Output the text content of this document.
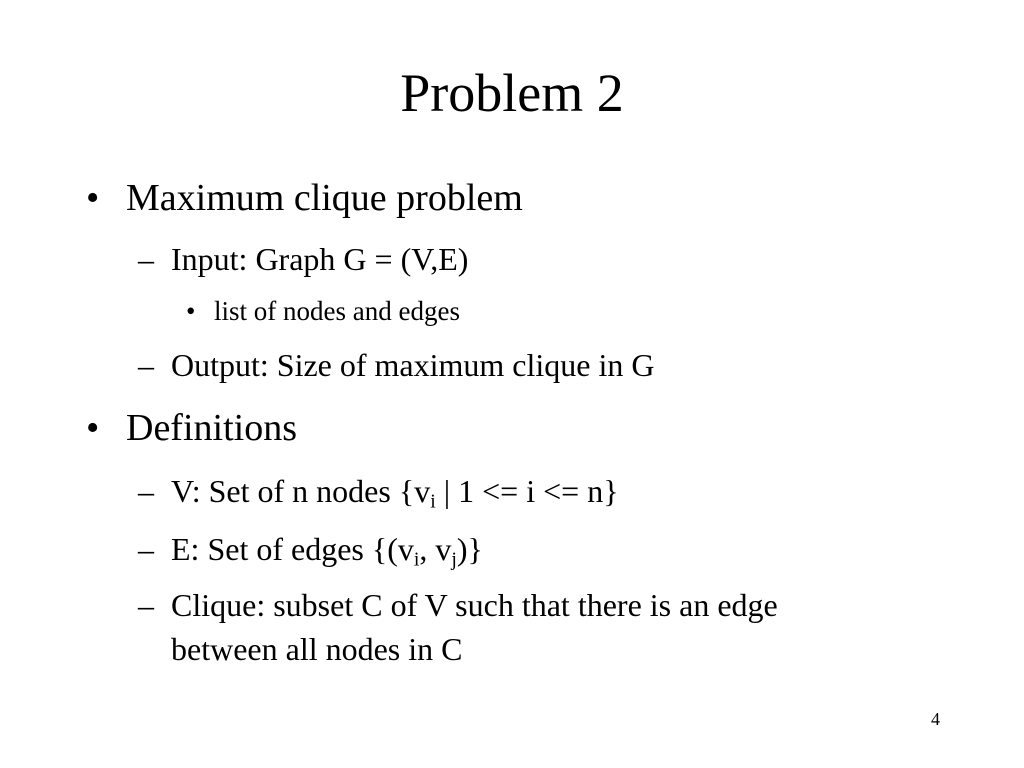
Problem 2
• Maximum clique problem
– Input: Graph G = (V,E)
• list of nodes and edges
– Output: Size of maximum clique in G
• Definitions
– V: Set of n nodes {$v_i$ | 1 <= i <= n}
– E: Set of edges {($v_i$, $v_j$)}
– Clique: subset C of V such that there is an edge
between all nodes in C
4
